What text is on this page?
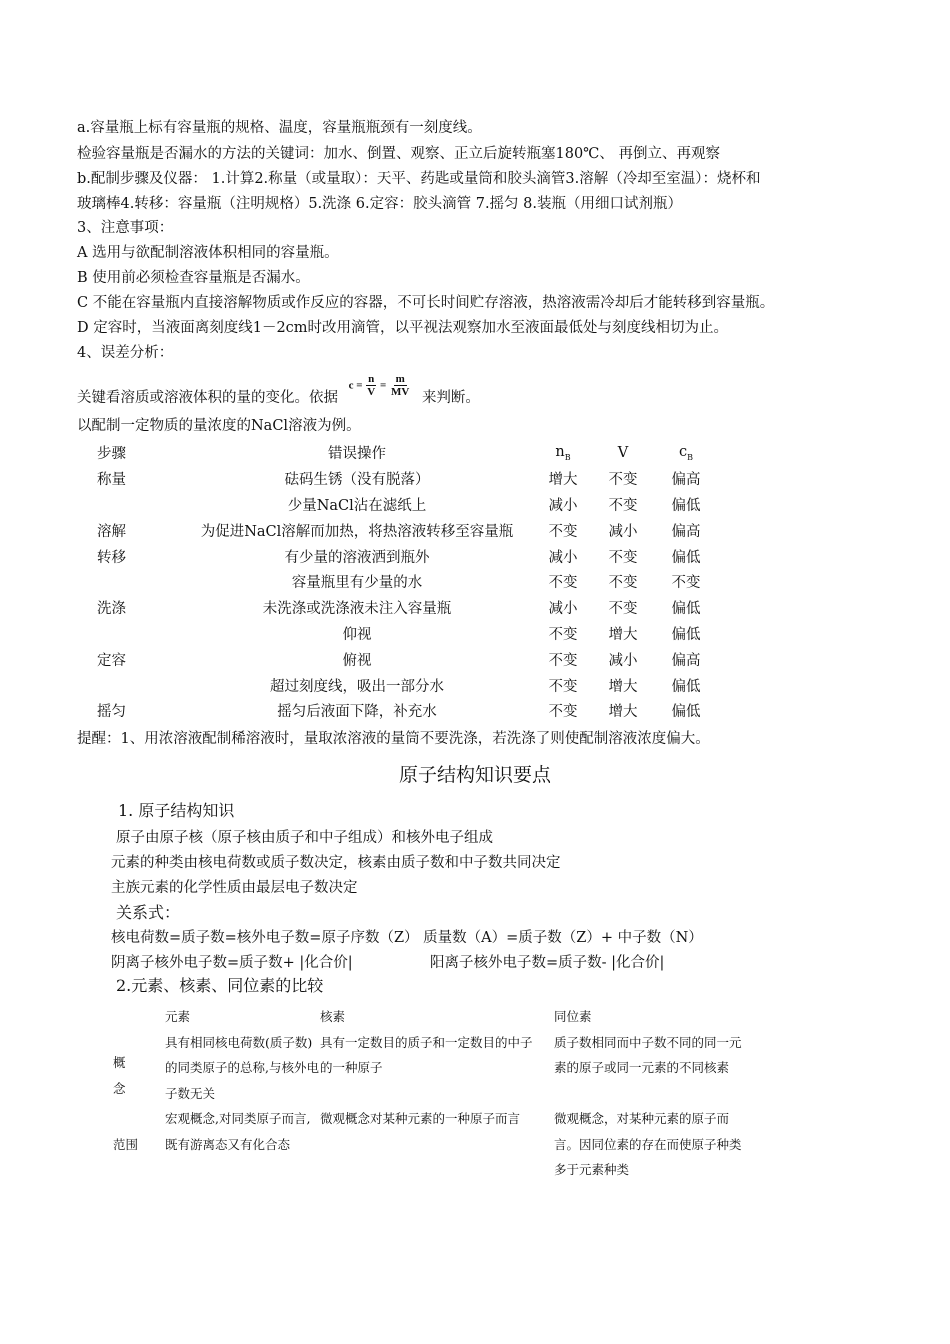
a.容量瓶上标有容量瓶的规格、温度，容量瓶瓶颈有一刻度线。
检验容量瓶是否漏水的方法的关键词：加水、倒置、观察、正立后旋转瓶塞180℃、 再倒立、再观察
b.配制步骤及仪器： 1.计算2.称量（或量取）：天平、药匙或量筒和胶头滴管3.溶解（冷却至室温）：烧杯和
玻璃棒4.转移：容量瓶（注明规格）5.洗涤 6.定容：胶头滴管 7.摇匀 8.装瓶（用细口试剂瓶）
3、注意事项：
A 选用与欲配制溶液体积相同的容量瓶。
B 使用前必须检查容量瓶是否漏水。
C 不能在容量瓶内直接溶解物质或作反应的容器，不可长时间贮存溶液，热溶液需冷却后才能转移到容量瓶。
D 定容时，当液面离刻度线1－2cm时改用滴管，以平视法观察加水至液面最低处与刻度线相切为止。
4、误差分析：
关键看溶质或溶液体积的量的变化。依据 $c = \frac{n}{V} = \frac{m}{MV}$ 来判断。
以配制一定物质的量浓度的NaCl溶液为例。
步骤	错误操作	$n_B$	V	$c_B$
称量	砝码生锈（没有脱落）	增大	不变	偏高
	少量NaCl沾在滤纸上	减小	不变	偏低
溶解	为促进NaCl溶解而加热，将热溶液转移至容量瓶	不变	减小	偏高
转移	有少量的溶液洒到瓶外	减小	不变	偏低
	容量瓶里有少量的水	不变	不变	不变
洗涤	未洗涤或洗涤液未注入容量瓶	减小	不变	偏低
	仰视	不变	增大	偏低
定容	俯视	不变	减小	偏高
	超过刻度线，吸出一部分水	不变	增大	偏低
摇匀	摇匀后液面下降，补充水	不变	增大	偏低
提醒：1、用浓溶液配制稀溶液时，量取浓溶液的量筒不要洗涤，若洗涤了则使配制溶液浓度偏大。
原子结构知识要点
1. 原子结构知识
原子由原子核（原子核由质子和中子组成）和核外电子组成
元素的种类由核电荷数或质子数决定，核素由质子数和中子数共同决定
主族元素的化学性质由最层电子数决定
关系式：
核电荷数=质子数=核外电子数=原子序数（Z） 质量数（A）=质子数（Z）+ 中子数（N）
阴离子核外电子数=质子数+ |化合价|	阳离子核外电子数=质子数- |化合价|
2.元素、核素、同位素的比较
	元素	核素	同位素

概
念	具有相同核电荷数(质子数)的同类原子的总称,与核外电子数无关	具有一定数目的质子和一定数目的中子的一种原子	质子数相同而中子数不同的同一元素的原子或同一元素的不同核素
范围	宏观概念,对同类原子而言,既有游离态又有化合态	微观概念对某种元素的一种原子而言	微观概念，对某种元素的原子而言。因同位素的存在而使原子种类多于元素种类
